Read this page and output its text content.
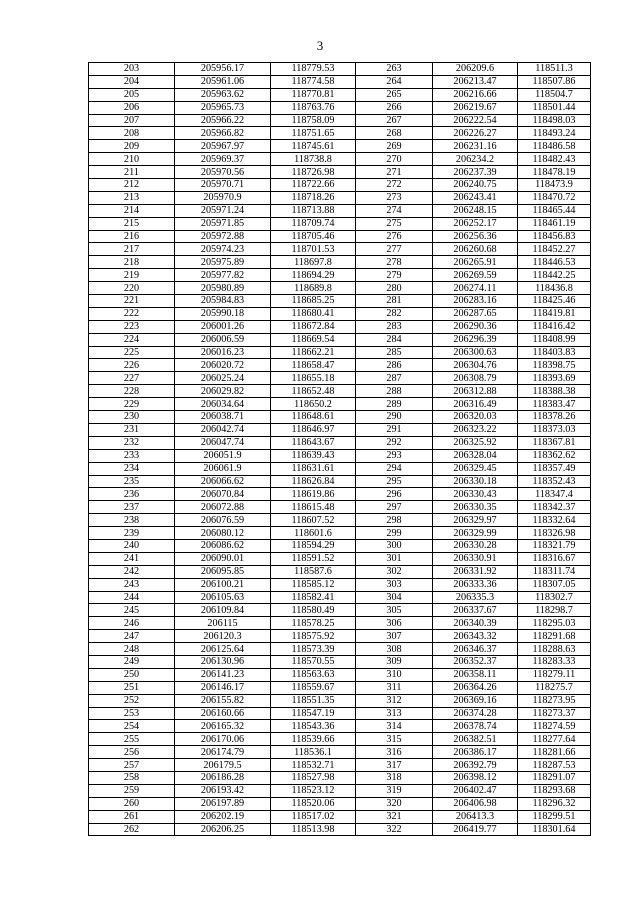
3
203	205956.17	118779.53	263	206209.6	118511.3
204	205961.06	118774.58	264	206213.47	118507.86
205	205963.62	118770.81	265	206216.66	118504.7
206	205965.73	118763.76	266	206219.67	118501.44
207	205966.22	118758.09	267	206222.54	118498.03
208	205966.82	118751.65	268	206226.27	118493.24
209	205967.97	118745.61	269	206231.16	118486.58
210	205969.37	118738.8	270	206234.2	118482.43
211	205970.56	118726.98	271	206237.39	118478.19
212	205970.71	118722.66	272	206240.75	118473.9
213	205970.9	118718.26	273	206243.41	118470.72
214	205971.24	118713.88	274	206248.15	118465.44
215	205971.85	118709.74	275	206252.17	118461.19
216	205972.88	118705.46	276	206256.36	118456.83
217	205974.23	118701.53	277	206260.68	118452.27
218	205975.89	118697.8	278	206265.91	118446.53
219	205977.82	118694.29	279	206269.59	118442.25
220	205980.89	118689.8	280	206274.11	118436.8
221	205984.83	118685.25	281	206283.16	118425.46
222	205990.18	118680.41	282	206287.65	118419.81
223	206001.26	118672.84	283	206290.36	118416.42
224	206006.59	118669.54	284	206296.39	118408.99
225	206016.23	118662.21	285	206300.63	118403.83
226	206020.72	118658.47	286	206304.76	118398.75
227	206025.24	118655.18	287	206308.79	118393.69
228	206029.82	118652.48	288	206312.88	118388.38
229	206034.64	118650.2	289	206316.49	118383.47
230	206038.71	118648.61	290	206320.03	118378.26
231	206042.74	118646.97	291	206323.22	118373.03
232	206047.74	118643.67	292	206325.92	118367.81
233	206051.9	118639.43	293	206328.04	118362.62
234	206061.9	118631.61	294	206329.45	118357.49
235	206066.62	118626.84	295	206330.18	118352.43
236	206070.84	118619.86	296	206330.43	118347.4
237	206072.88	118615.48	297	206330.35	118342.37
238	206076.59	118607.52	298	206329.97	118332.64
239	206080.12	118601.6	299	206329.99	118326.98
240	206086.62	118594.29	300	206330.28	118321.79
241	206090.01	118591.52	301	206330.91	118316.67
242	206095.85	118587.6	302	206331.92	118311.74
243	206100.21	118585.12	303	206333.36	118307.05
244	206105.63	118582.41	304	206335.3	118302.7
245	206109.84	118580.49	305	206337.67	118298.7
246	206115	118578.25	306	206340.39	118295.03
247	206120.3	118575.92	307	206343.32	118291.68
248	206125.64	118573.39	308	206346.37	118288.63
249	206130.96	118570.55	309	206352.37	118283.33
250	206141.23	118563.63	310	206358.11	118279.11
251	206146.17	118559.67	311	206364.26	118275.7
252	206155.82	118551.35	312	206369.16	118273.95
253	206160.66	118547.19	313	206374.28	118273.37
254	206165.32	118543.36	314	206378.74	118274.59
255	206170.06	118539.66	315	206382.51	118277.64
256	206174.79	118536.1	316	206386.17	118281.66
257	206179.5	118532.71	317	206392.79	118287.53
258	206186.28	118527.98	318	206398.12	118291.07
259	206193.42	118523.12	319	206402.47	118293.68
260	206197.89	118520.06	320	206406.98	118296.32
261	206202.19	118517.02	321	206413.3	118299.51
262	206206.25	118513.98	322	206419.77	118301.64
